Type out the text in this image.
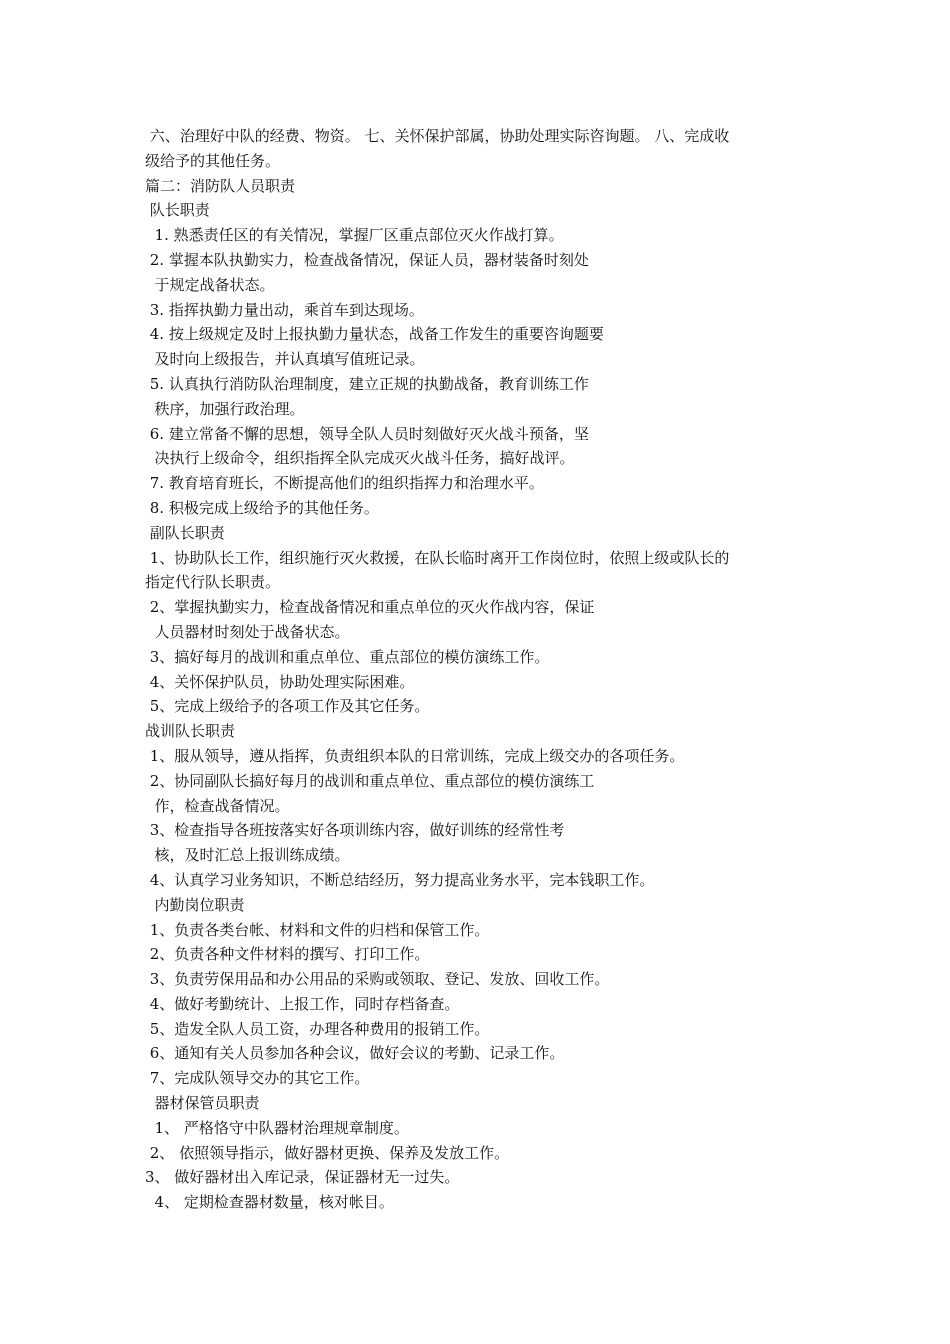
六、治理好中队的经费、物资。 七、关怀保护部属，协助处理实际咨询题。 八、完成收
级给予的其他任务。
篇二：消防队人员职责
队长职责
1. 熟悉责任区的有关情况，掌握厂区重点部位灭火作战打算。
2. 掌握本队执勤实力，检查战备情况，保证人员，器材装备时刻处
于规定战备状态。
3. 指挥执勤力量出动，乘首车到达现场。
4. 按上级规定及时上报执勤力量状态，战备工作发生的重要咨询题要
及时向上级报告，并认真填写值班记录。
5. 认真执行消防队治理制度，建立正规的执勤战备，教育训练工作
秩序，加强行政治理。
6. 建立常备不懈的思想，领导全队人员时刻做好灭火战斗预备，坚
决执行上级命令，组织指挥全队完成灭火战斗任务，搞好战评。
7. 教育培育班长，不断提高他们的组织指挥力和治理水平。
8. 积极完成上级给予的其他任务。
副队长职责
1、协助队长工作，组织施行灭火救援，在队长临时离开工作岗位时，依照上级或队长的
指定代行队长职责。
2、掌握执勤实力，检查战备情况和重点单位的灭火作战内容，保证
人员器材时刻处于战备状态。
3、搞好每月的战训和重点单位、重点部位的模仿演练工作。
4、关怀保护队员，协助处理实际困难。
5、完成上级给予的各项工作及其它任务。
战训队长职责
1、服从领导，遵从指挥，负责组织本队的日常训练，完成上级交办的各项任务。
2、协同副队长搞好每月的战训和重点单位、重点部位的模仿演练工
作，检查战备情况。
3、检查指导各班按落实好各项训练内容，做好训练的经常性考
核，及时汇总上报训练成绩。
4、认真学习业务知识，不断总结经历，努力提高业务水平，完本钱职工作。
内勤岗位职责
1、负责各类台帐、材料和文件的归档和保管工作。
2、负责各种文件材料的撰写、打印工作。
3、负责劳保用品和办公用品的采购或领取、登记、发放、回收工作。
4、做好考勤统计、上报工作，同时存档备查。
5、造发全队人员工资，办理各种费用的报销工作。
6、通知有关人员参加各种会议，做好会议的考勤、记录工作。
7、完成队领导交办的其它工作。
器材保管员职责
1、 严格恪守中队器材治理规章制度。
2、 依照领导指示，做好器材更换、保养及发放工作。
3、 做好器材出入库记录，保证器材无一过失。
4、 定期检查器材数量，核对帐目。
